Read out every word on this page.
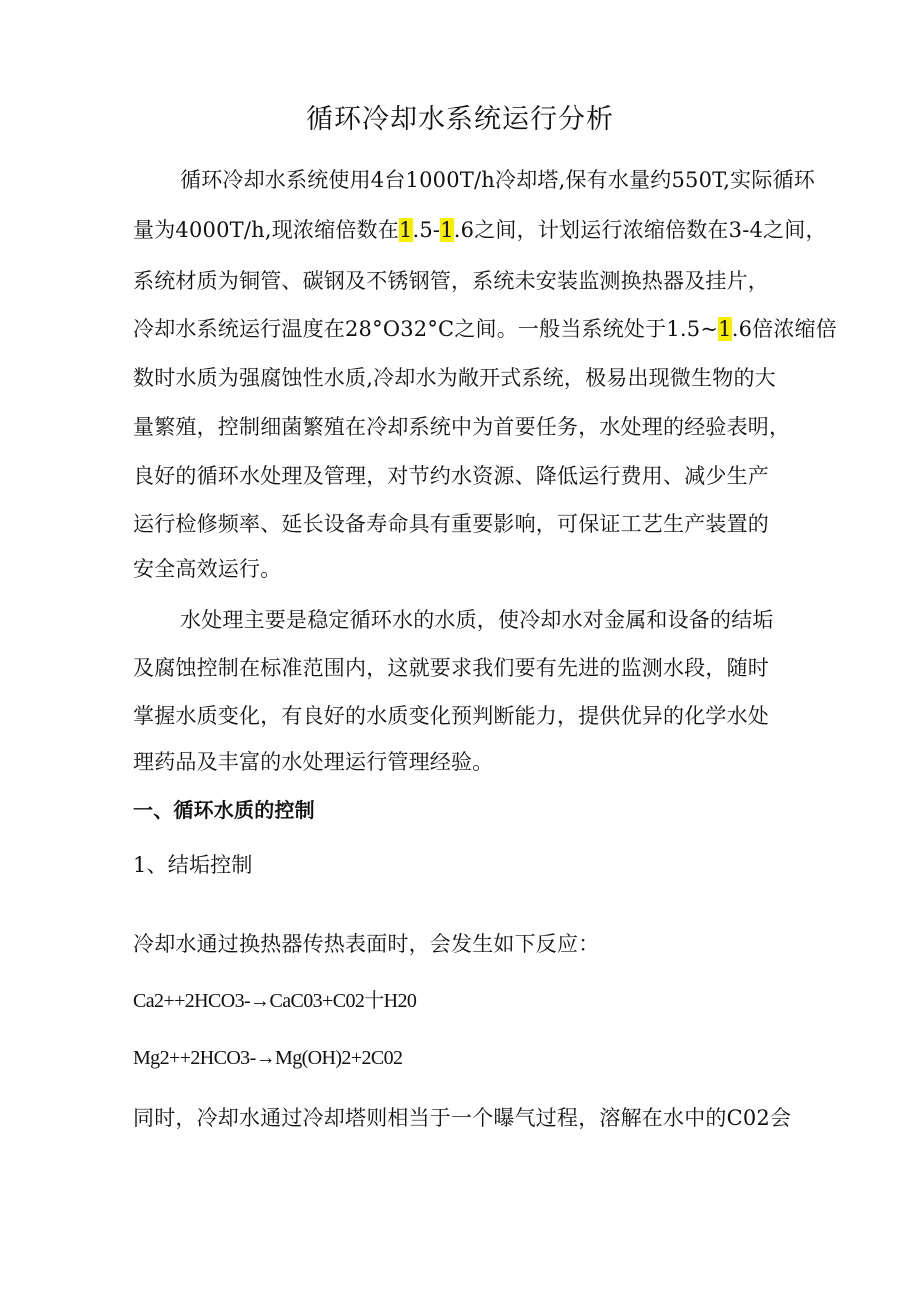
循环冷却水系统运行分析
循环冷却水系统使用4台1000T/h冷却塔,保有水量约550T,实际循环
量为4000T/h,现浓缩倍数在1.5-1.6之间，计划运行浓缩倍数在3-4之间，
系统材质为铜管、碳钢及不锈钢管，系统未安装监测换热器及挂片，
冷却水系统运行温度在28°O32°C之间。一般当系统处于1.5~1.6倍浓缩倍
数时水质为强腐蚀性水质,冷却水为敞开式系统，极易出现微生物的大
量繁殖，控制细菌繁殖在冷却系统中为首要任务，水处理的经验表明，
良好的循环水处理及管理，对节约水资源、降低运行费用、减少生产
运行检修频率、延长设备寿命具有重要影响，可保证工艺生产装置的
安全高效运行。
水处理主要是稳定循环水的水质，使冷却水对金属和设备的结垢
及腐蚀控制在标准范围内，这就要求我们要有先进的监测水段，随时
掌握水质变化，有良好的水质变化预判断能力，提供优异的化学水处
理药品及丰富的水处理运行管理经验。
一、循环水质的控制
1、结垢控制
冷却水通过换热器传热表面时，会发生如下反应：
Ca2++2HCO3-→CaC03+C02十H20
Mg2++2HCO3-→Mg(OH)2+2C02
同时，冷却水通过冷却塔则相当于一个曝气过程，溶解在水中的C02会
